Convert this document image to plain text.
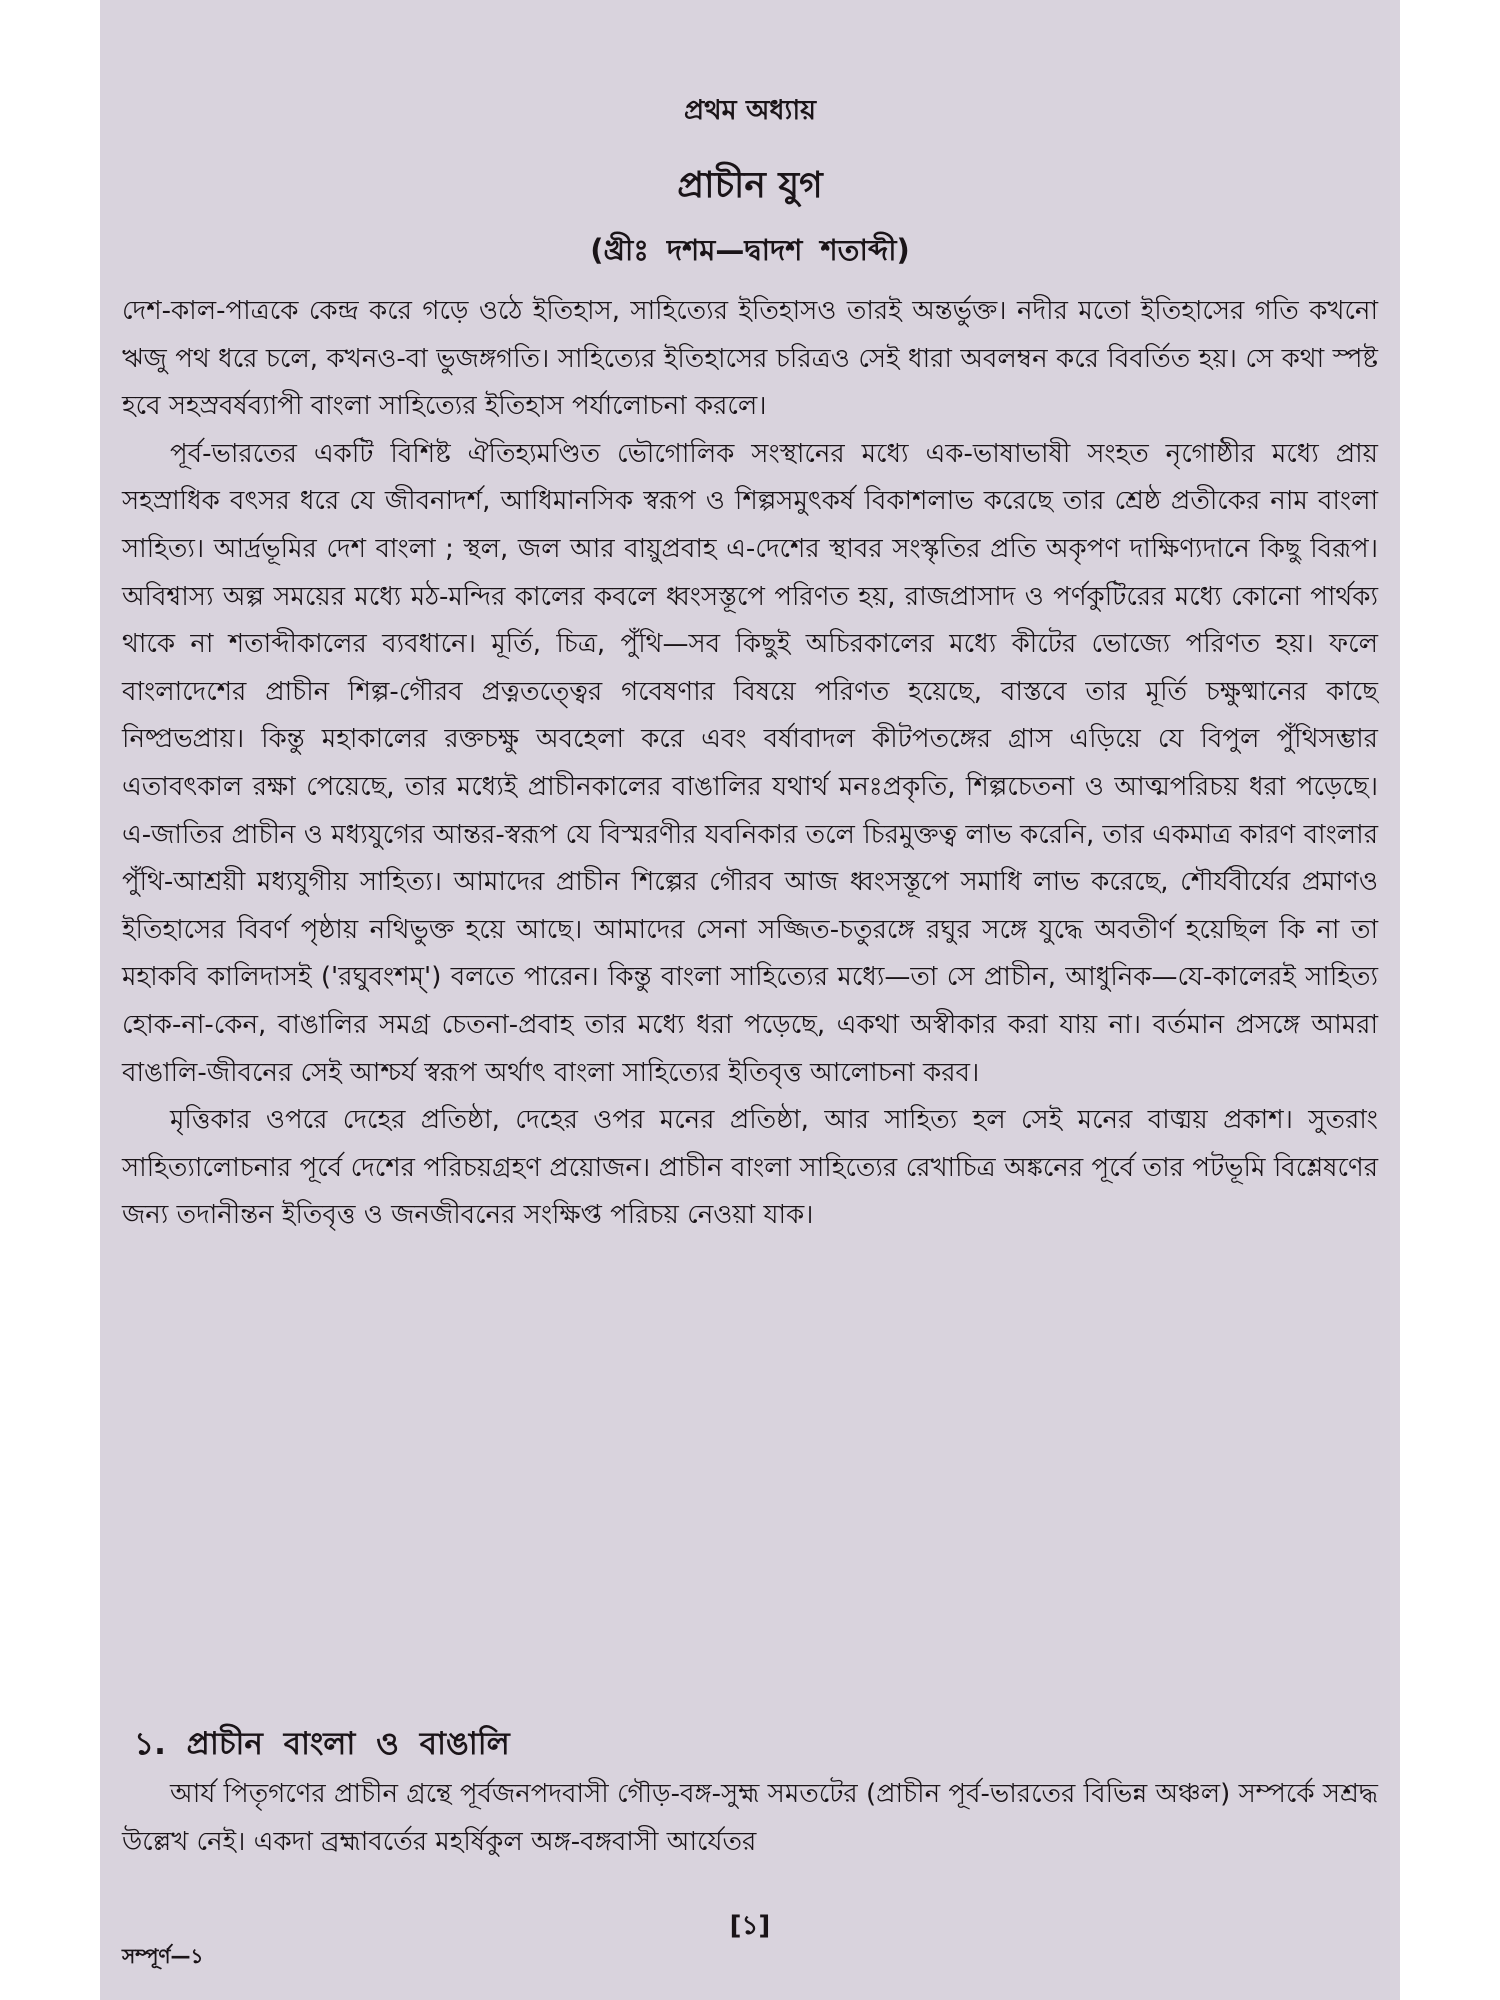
প্রথম অধ্যায়
প্রাচীন যুগ
(খ্রীঃ দশম—দ্বাদশ শতাব্দী)

দেশ-কাল-পাত্রকে কেন্দ্র করে গড়ে ওঠে ইতিহাস, সাহিত্যের ইতিহাসও তারই অন্তর্ভুক্ত। নদীর মতো ইতিহাসের গতি কখনো ঋজু পথ ধরে চলে, কখনও-বা ভুজঙ্গগতি। সাহিত্যের ইতিহাসের চরিত্রও সেই ধারা অবলম্বন করে বিবর্তিত হয়। সে কথা স্পষ্ট হবে সহস্রবর্ষব্যাপী বাংলা সাহিত্যের ইতিহাস পর্যালোচনা করলে।

পূর্ব-ভারতের একটি বিশিষ্ট ঐতিহ্যমণ্ডিত ভৌগোলিক সংস্থানের মধ্যে এক-ভাষাভাষী সংহত নৃগোষ্ঠীর মধ্যে প্রায় সহস্রাধিক বৎসর ধরে যে জীবনাদর্শ, আধিমানসিক স্বরূপ ও শিল্পসমুৎকর্ষ বিকাশলাভ করেছে তার শ্রেষ্ঠ প্রতীকের নাম বাংলা সাহিত্য। আর্দ্রভূমির দেশ বাংলা ; স্থল, জল আর বায়ুপ্রবাহ এ-দেশের স্থাবর সংস্কৃতির প্রতি অকৃপণ দাক্ষিণ্যদানে কিছু বিরূপ। অবিশ্বাস্য অল্প সময়ের মধ্যে মঠ-মন্দির কালের কবলে ধ্বংসস্তূপে পরিণত হয়, রাজপ্রাসাদ ও পর্ণকুটিরের মধ্যে কোনো পার্থক্য থাকে না শতাব্দীকালের ব্যবধানে। মূর্তি, চিত্র, পুঁথি—সব কিছুই অচিরকালের মধ্যে কীটের ভোজ্যে পরিণত হয়। ফলে বাংলাদেশের প্রাচীন শিল্প-গৌরব প্রত্নতত্ত্বের গবেষণার বিষয়ে পরিণত হয়েছে, বাস্তবে তার মূর্তি চক্ষুষ্মানের কাছে নিষ্প্রভপ্রায়। কিন্তু মহাকালের রক্তচক্ষু অবহেলা করে এবং বর্ষাবাদল কীটপতঙ্গের গ্রাস এড়িয়ে যে বিপুল পুঁথিসম্ভার এতাবৎকাল রক্ষা পেয়েছে, তার মধ্যেই প্রাচীনকালের বাঙালির যথার্থ মনঃপ্রকৃতি, শিল্পচেতনা ও আত্মপরিচয় ধরা পড়েছে। এ-জাতির প্রাচীন ও মধ্যযুগের আন্তর-স্বরূপ যে বিস্মরণীর যবনিকার তলে চিরমুক্তত্ব লাভ করেনি, তার একমাত্র কারণ বাংলার পুঁথি-আশ্রয়ী মধ্যযুগীয় সাহিত্য। আমাদের প্রাচীন শিল্পের গৌরব আজ ধ্বংসস্তূপে সমাধি লাভ করেছে, শৌর্যবীর্যের প্রমাণও ইতিহাসের বিবর্ণ পৃষ্ঠায় নথিভুক্ত হয়ে আছে। আমাদের সেনা সজ্জিত-চতুরঙ্গে রঘুর সঙ্গে যুদ্ধে অবতীর্ণ হয়েছিল কি না তা মহাকবি কালিদাসই ('রঘুবংশম্') বলতে পারেন। কিন্তু বাংলা সাহিত্যের মধ্যে—তা সে প্রাচীন, আধুনিক—যে-কালেরই সাহিত্য হোক-না-কেন, বাঙালির সমগ্র চেতনা-প্রবাহ তার মধ্যে ধরা পড়েছে, একথা অস্বীকার করা যায় না। বর্তমান প্রসঙ্গে আমরা বাঙালি-জীবনের সেই আশ্চর্য স্বরূপ অর্থাৎ বাংলা সাহিত্যের ইতিবৃত্ত আলোচনা করব।

মৃত্তিকার ওপরে দেহের প্রতিষ্ঠা, দেহের ওপর মনের প্রতিষ্ঠা, আর সাহিত্য হল সেই মনের বাঙ্ময় প্রকাশ। সুতরাং সাহিত্যালোচনার পূর্বে দেশের পরিচয়গ্রহণ প্রয়োজন। প্রাচীন বাংলা সাহিত্যের রেখাচিত্র অঙ্কনের পূর্বে তার পটভূমি বিশ্লেষণের জন্য তদানীন্তন ইতিবৃত্ত ও জনজীবনের সংক্ষিপ্ত পরিচয় নেওয়া যাক।

১. প্রাচীন বাংলা ও বাঙালি

আর্য পিতৃগণের প্রাচীন গ্রন্থে পূর্বজনপদবাসী গৌড়-বঙ্গ-সুহ্ম সমতটের (প্রাচীন পূর্ব-ভারতের বিভিন্ন অঞ্চল) সম্পর্কে সশ্রদ্ধ উল্লেখ নেই। একদা ব্রহ্মাবর্তের মহর্ষিকুল অঙ্গ-বঙ্গবাসী আর্যেতর

[১]
সম্পূর্ণ—১
